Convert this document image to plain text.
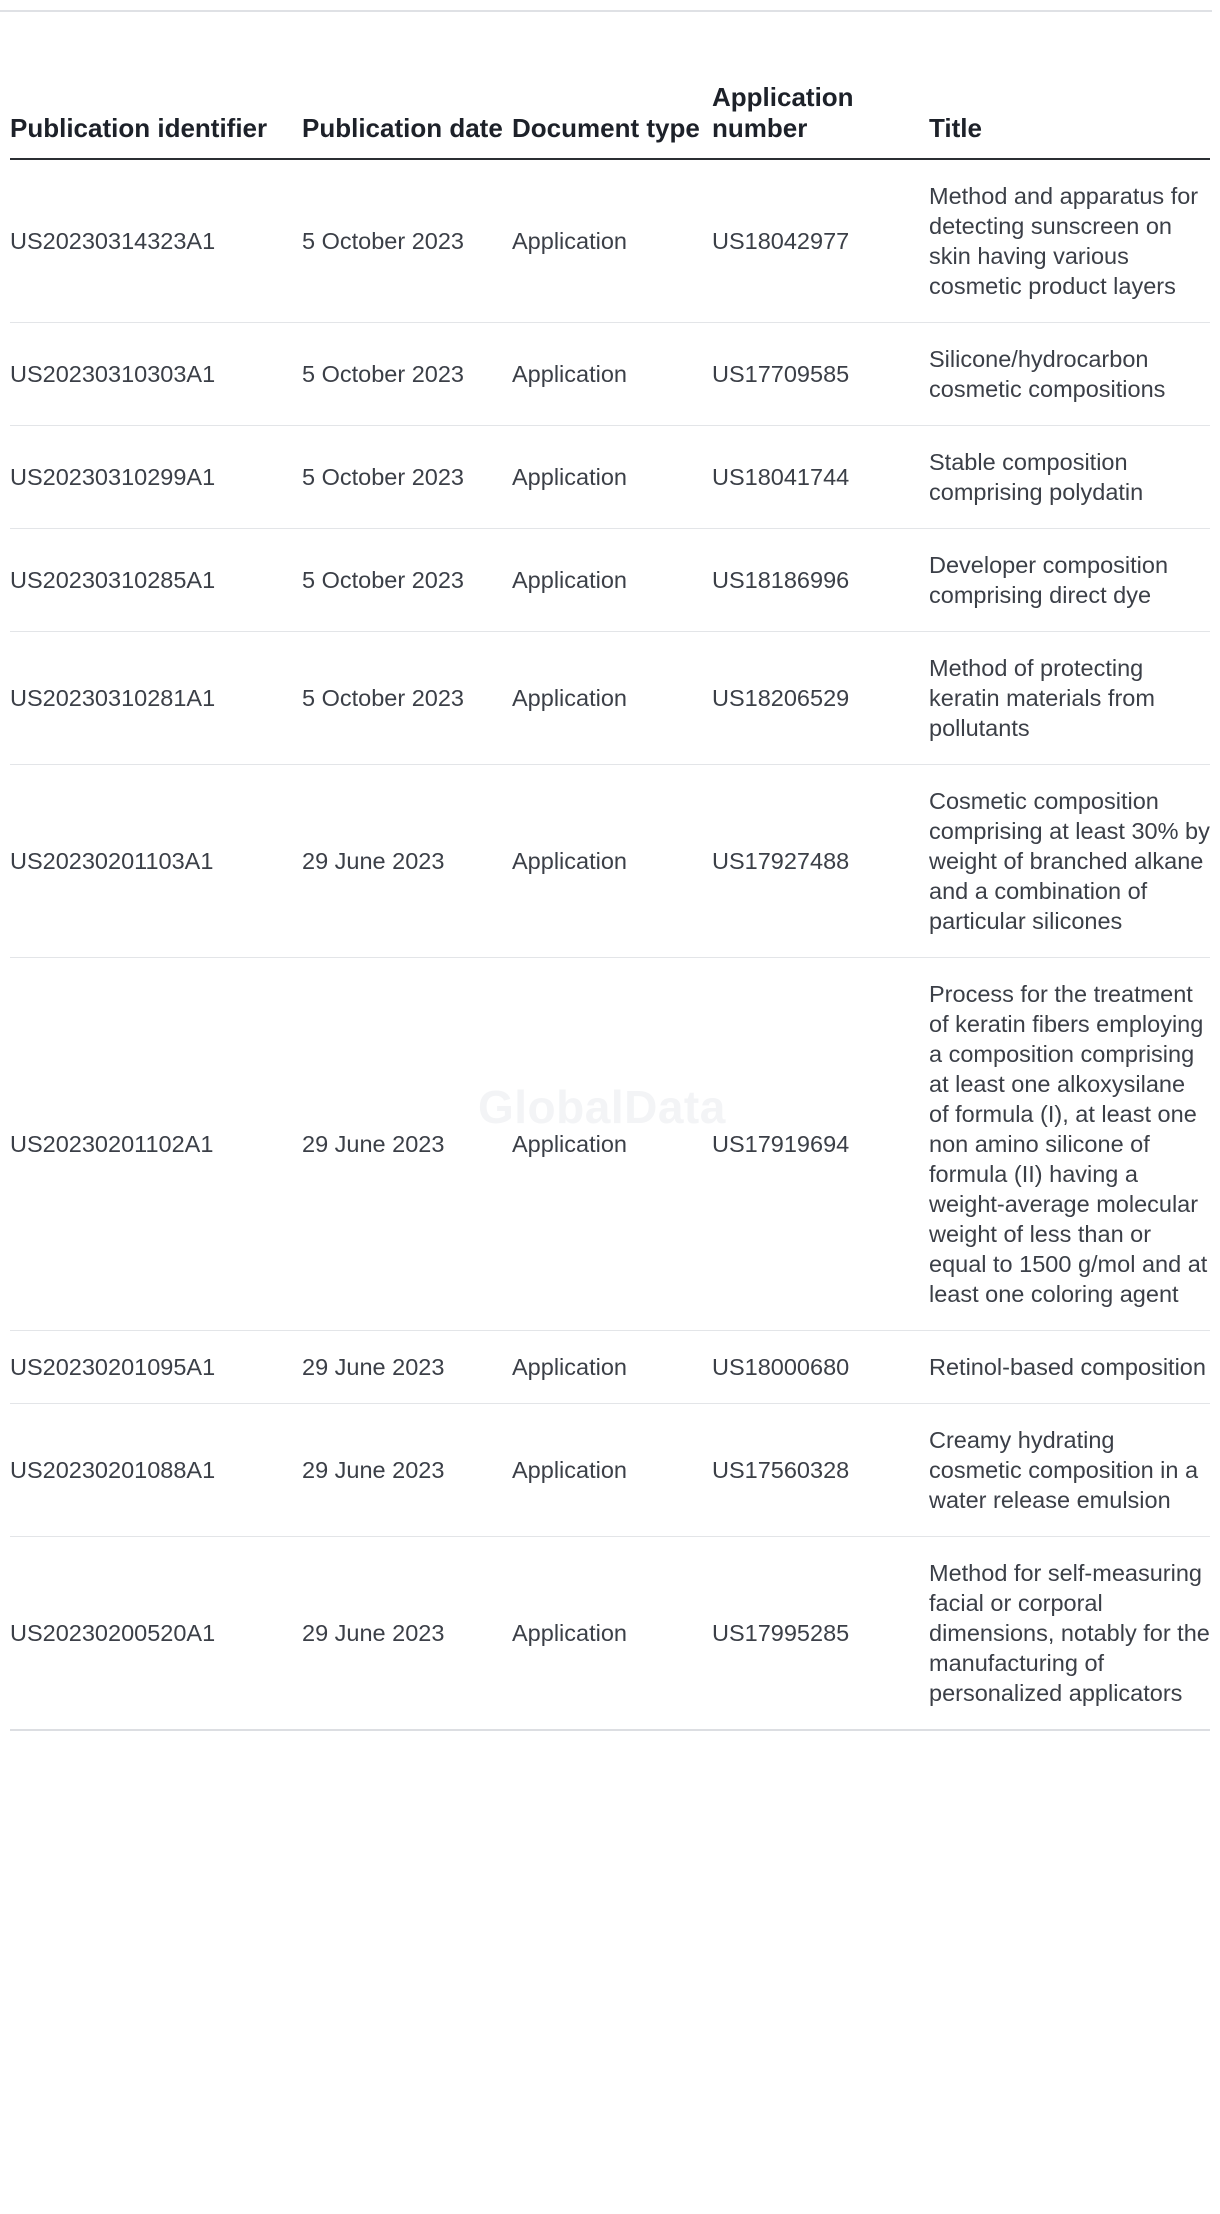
Publication identifier	Publication date	Document type	Application number	Title
US20230314323A1	5 October 2023	Application	US18042977	Method and apparatus for detecting sunscreen on skin having various cosmetic product layers
US20230310303A1	5 October 2023	Application	US17709585	Silicone/hydrocarbon cosmetic compositions
US20230310299A1	5 October 2023	Application	US18041744	Stable composition comprising polydatin
US20230310285A1	5 October 2023	Application	US18186996	Developer composition comprising direct dye
US20230310281A1	5 October 2023	Application	US18206529	Method of protecting keratin materials from pollutants
US20230201103A1	29 June 2023	Application	US17927488	Cosmetic composition comprising at least 30% by weight of branched alkane and a combination of particular silicones
US20230201102A1	29 June 2023	Application	US17919694	Process for the treatment of keratin fibers employing a composition comprising at least one alkoxysilane of formula (I), at least one non amino silicone of formula (II) having a weight-average molecular weight of less than or equal to 1500 g/mol and at least one coloring agent
US20230201095A1	29 June 2023	Application	US18000680	Retinol-based composition
US20230201088A1	29 June 2023	Application	US17560328	Creamy hydrating cosmetic composition in a water release emulsion
US20230200520A1	29 June 2023	Application	US17995285	Method for self-measuring facial or corporal dimensions, notably for the manufacturing of personalized applicators
GlobalData
